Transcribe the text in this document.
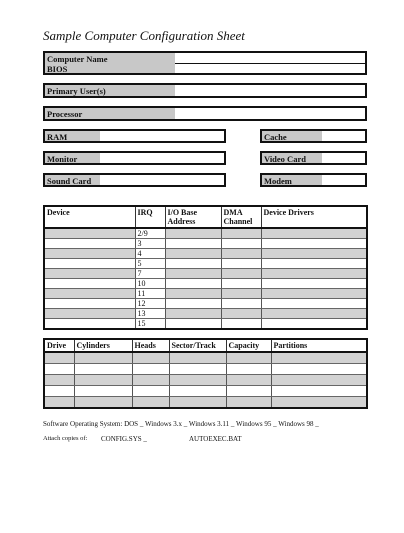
Sample Computer Configuration Sheet
Computer Name
BIOS
Primary User(s)
Processor
RAM	Cache
Monitor	Video Card
Sound Card	Modem
Device	IRQ	I/O Base Address	DMA Channel	Device Drivers
	2/9			
	3			
	4			
	5			
	7			
	10			
	11			
	12			
	13			
	15			
Drive	Cylinders	Heads	Sector/Track	Capacity	Partitions

Software Operating System: DOS _ Windows 3.x _ Windows 3.11 _ Windows 95 _ Windows 98 _
Attach copies of: CONFIG.SYS _	AUTOEXEC.BAT
